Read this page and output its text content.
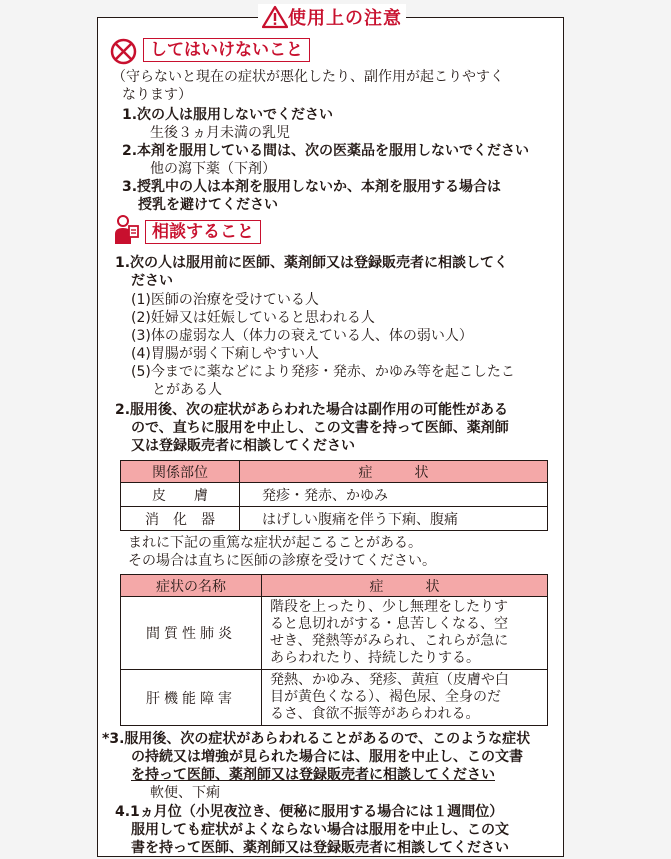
使用上の注意
してはいけないこと
（守らないと現在の症状が悪化したり、副作用が起こりやすく
なります）
1.次の人は服用しないでください
生後３ヵ月未満の乳児
2.本剤を服用している間は、次の医薬品を服用しないでください
他の瀉下薬（下剤）
3.授乳中の人は本剤を服用しないか、本剤を服用する場合は
授乳を避けてください
相談すること
1.次の人は服用前に医師、薬剤師又は登録販売者に相談してく
ださい
(1)医師の治療を受けている人
(2)妊婦又は妊娠していると思われる人
(3)体の虚弱な人（体力の衰えている人、体の弱い人）
(4)胃腸が弱く下痢しやすい人
(5)今までに薬などにより発疹・発赤、かゆみ等を起こしたこ
とがある人
2.服用後、次の症状があらわれた場合は副作用の可能性がある
ので、直ちに服用を中止し、この文書を持って医師、薬剤師
又は登録販売者に相談してください
関係部位	症　　　状
皮　　膚	発疹・発赤、かゆみ
消　化　器	はげしい腹痛を伴う下痢、腹痛
まれに下記の重篤な症状が起こることがある。
その場合は直ちに医師の診療を受けてください。
症状の名称	症　　　状
間質性肺炎	階段を上ったり、少し無理をしたりす
ると息切れがする・息苦しくなる、空
せき、発熱等がみられ、これらが急に
あらわれたり、持続したりする。

肝機能障害	発熱、かゆみ、発疹、黄疸（皮膚や白
目が黄色くなる）、褐色尿、全身のだ
るさ、食欲不振等があらわれる。
*3.服用後、次の症状があらわれることがあるので、このような症状
の持続又は増強が見られた場合には、服用を中止し、この文書
を持って医師、薬剤師又は登録販売者に相談してください
軟便、下痢
4.1ヵ月位（小児夜泣き、便秘に服用する場合には１週間位）
服用しても症状がよくならない場合は服用を中止し、この文
書を持って医師、薬剤師又は登録販売者に相談してください
